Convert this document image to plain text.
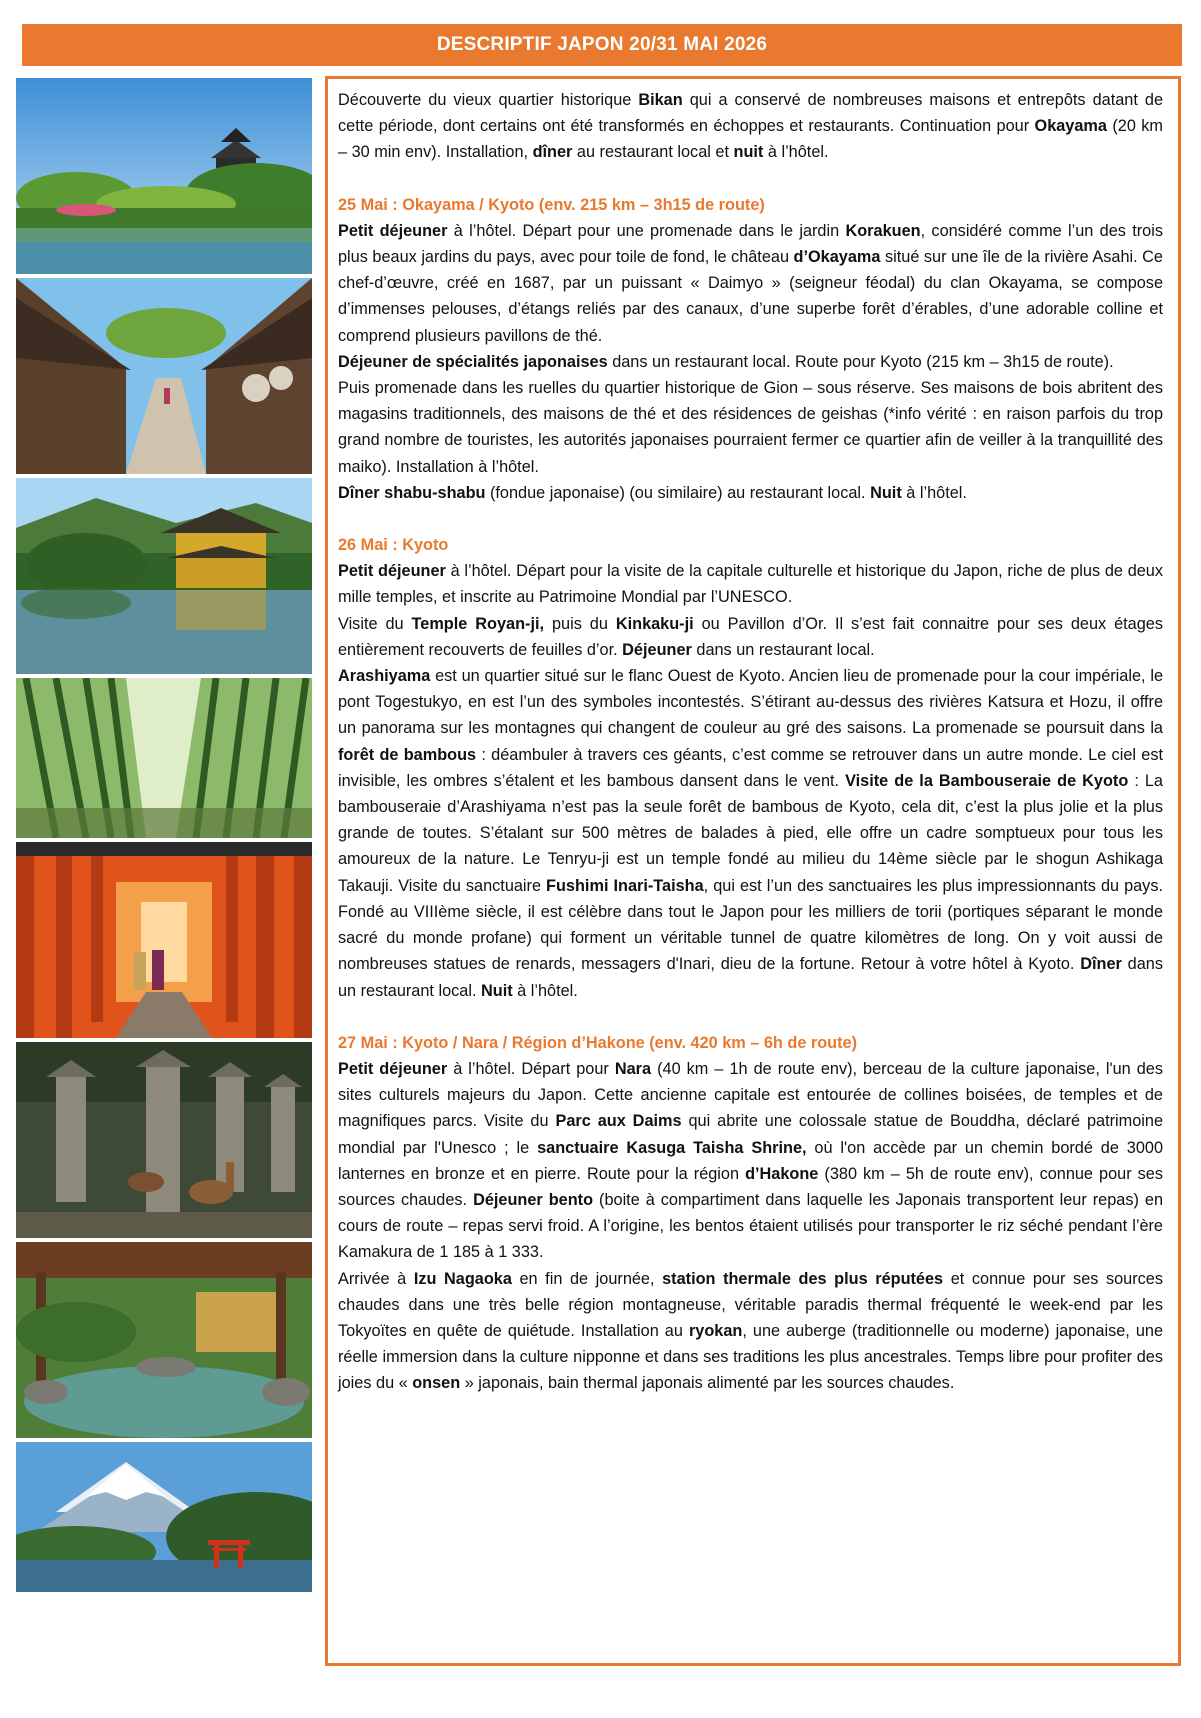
DESCRIPTIF JAPON 20/31 MAI 2026

Découverte du vieux quartier historique Bikan qui a conservé de nombreuses maisons et entrepôts datant de cette période, dont certains ont été transformés en échoppes et restaurants. Continuation pour Okayama (20 km – 30 min env). Installation, dîner au restaurant local et nuit à l’hôtel.

25 Mai : Okayama / Kyoto (env. 215 km – 3h15 de route)

Petit déjeuner à l’hôtel. Départ pour une promenade dans le jardin Korakuen, considéré comme l’un des trois plus beaux jardins du pays, avec pour toile de fond, le château d’Okayama situé sur une île de la rivière Asahi. Ce chef-d’œuvre, créé en 1687, par un puissant « Daimyo » (seigneur féodal) du clan Okayama, se compose d’immenses pelouses, d’étangs reliés par des canaux, d’une superbe forêt d’érables, d’une adorable colline et comprend plusieurs pavillons de thé.

Déjeuner de spécialités japonaises dans un restaurant local. Route pour Kyoto (215 km – 3h15 de route).

Puis promenade dans les ruelles du quartier historique de Gion – sous réserve. Ses maisons de bois abritent des magasins traditionnels, des maisons de thé et des résidences de geishas (*info vérité : en raison parfois du trop grand nombre de touristes, les autorités japonaises pourraient fermer ce quartier afin de veiller à la tranquillité des maiko). Installation à l’hôtel.

Dîner shabu-shabu (fondue japonaise) (ou similaire) au restaurant local. Nuit à l’hôtel.

26 Mai : Kyoto

Petit déjeuner à l’hôtel. Départ pour la visite de la capitale culturelle et historique du Japon, riche de plus de deux mille temples, et inscrite au Patrimoine Mondial par l’UNESCO.

Visite du Temple Royan-ji, puis du Kinkaku-ji ou Pavillon d’Or. Il s’est fait connaitre pour ses deux étages entièrement recouverts de feuilles d’or. Déjeuner dans un restaurant local.

Arashiyama est un quartier situé sur le flanc Ouest de Kyoto. Ancien lieu de promenade pour la cour impériale, le pont Togestukyo, en est l’un des symboles incontestés. S’étirant au-dessus des rivières Katsura et Hozu, il offre un panorama sur les montagnes qui changent de couleur au gré des saisons. La promenade se poursuit dans la forêt de bambous : déambuler à travers ces géants, c’est comme se retrouver dans un autre monde. Le ciel est invisible, les ombres s’étalent et les bambous dansent dans le vent. Visite de la Bambouseraie de Kyoto : La bambouseraie d’Arashiyama n’est pas la seule forêt de bambous de Kyoto, cela dit, c’est la plus jolie et la plus grande de toutes. S’étalant sur 500 mètres de balades à pied, elle offre un cadre somptueux pour tous les amoureux de la nature. Le Tenryu-ji est un temple fondé au milieu du 14ème siècle par le shogun Ashikaga Takauji. Visite du sanctuaire Fushimi Inari-Taisha, qui est l’un des sanctuaires les plus impressionnants du pays. Fondé au VIIIème siècle, il est célèbre dans tout le Japon pour les milliers de torii (portiques séparant le monde sacré du monde profane) qui forment un véritable tunnel de quatre kilomètres de long. On y voit aussi de nombreuses statues de renards, messagers d'Inari, dieu de la fortune. Retour à votre hôtel à Kyoto. Dîner dans un restaurant local. Nuit à l’hôtel.

27 Mai : Kyoto / Nara / Région d’Hakone (env. 420 km – 6h de route)

Petit déjeuner à l’hôtel. Départ pour Nara (40 km – 1h de route env), berceau de la culture japonaise, l'un des sites culturels majeurs du Japon. Cette ancienne capitale est entourée de collines boisées, de temples et de magnifiques parcs. Visite du Parc aux Daims qui abrite une colossale statue de Bouddha, déclaré patrimoine mondial par l'Unesco ; le sanctuaire Kasuga Taisha Shrine, où l'on accède par un chemin bordé de 3000 lanternes en bronze et en pierre. Route pour la région d’Hakone (380 km – 5h de route env), connue pour ses sources chaudes. Déjeuner bento (boite à compartiment dans laquelle les Japonais transportent leur repas) en cours de route – repas servi froid. A l’origine, les bentos étaient utilisés pour transporter le riz séché pendant l’ère Kamakura de 1 185 à 1 333.

Arrivée à Izu Nagaoka en fin de journée, station thermale des plus réputées et connue pour ses sources chaudes dans une très belle région montagneuse, véritable paradis thermal fréquenté le week-end par les Tokyoïtes en quête de quiétude. Installation au ryokan, une auberge (traditionnelle ou moderne) japonaise, une réelle immersion dans la culture nipponne et dans ses traditions les plus ancestrales. Temps libre pour profiter des joies du « onsen » japonais, bain thermal japonais alimenté par les sources chaudes.
